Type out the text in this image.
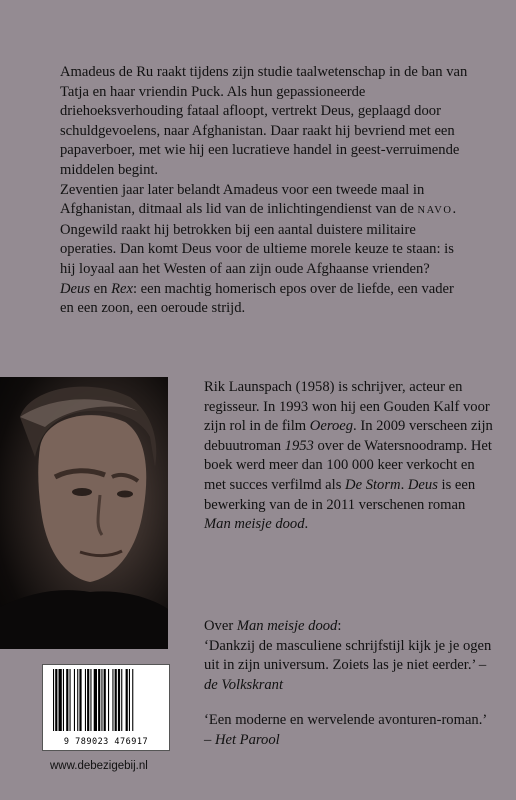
Amadeus de Ru raakt tijdens zijn studie taalwetenschap in de ban van Tatja en haar vriendin Puck. Als hun gepassioneerde driehoeksverhouding fataal afloopt, vertrekt Deus, geplaagd door schuldgevoelens, naar Afghanistan. Daar raakt hij bevriend met een papaverboer, met wie hij een lucratieve handel in geest-verruimende middelen begint.

Zeventien jaar later belandt Amadeus voor een tweede maal in Afghanistan, ditmaal als lid van de inlichtingendienst van de NAVO. Ongewild raakt hij betrokken bij een aantal duistere militaire operaties. Dan komt Deus voor de ultieme morele keuze te staan: is hij loyaal aan het Westen of aan zijn oude Afghaanse vrienden?

Deus en Rex: een machtig homerisch epos over de liefde, een vader en een zoon, een oeroude strijd.

Rik Launspach (1958) is schrijver, acteur en regisseur. In 1993 won hij een Gouden Kalf voor zijn rol in de film Oeroeg. In 2009 verscheen zijn debuutroman 1953 over de Watersnoodramp. Het boek werd meer dan 100 000 keer verkocht en met succes verfilmd als De Storm. Deus is een bewerking van de in 2011 verschenen roman Man meisje dood.

Over Man meisje dood:

‘Dankzij de masculiene schrijfstijl kijk je je ogen uit in zijn universum. Zoiets las je niet eerder.’ – de Volkskrant

‘Een moderne en wervelende avonturen-roman.’ – Het Parool

9 789023 476917
www.debezigebij.nl
